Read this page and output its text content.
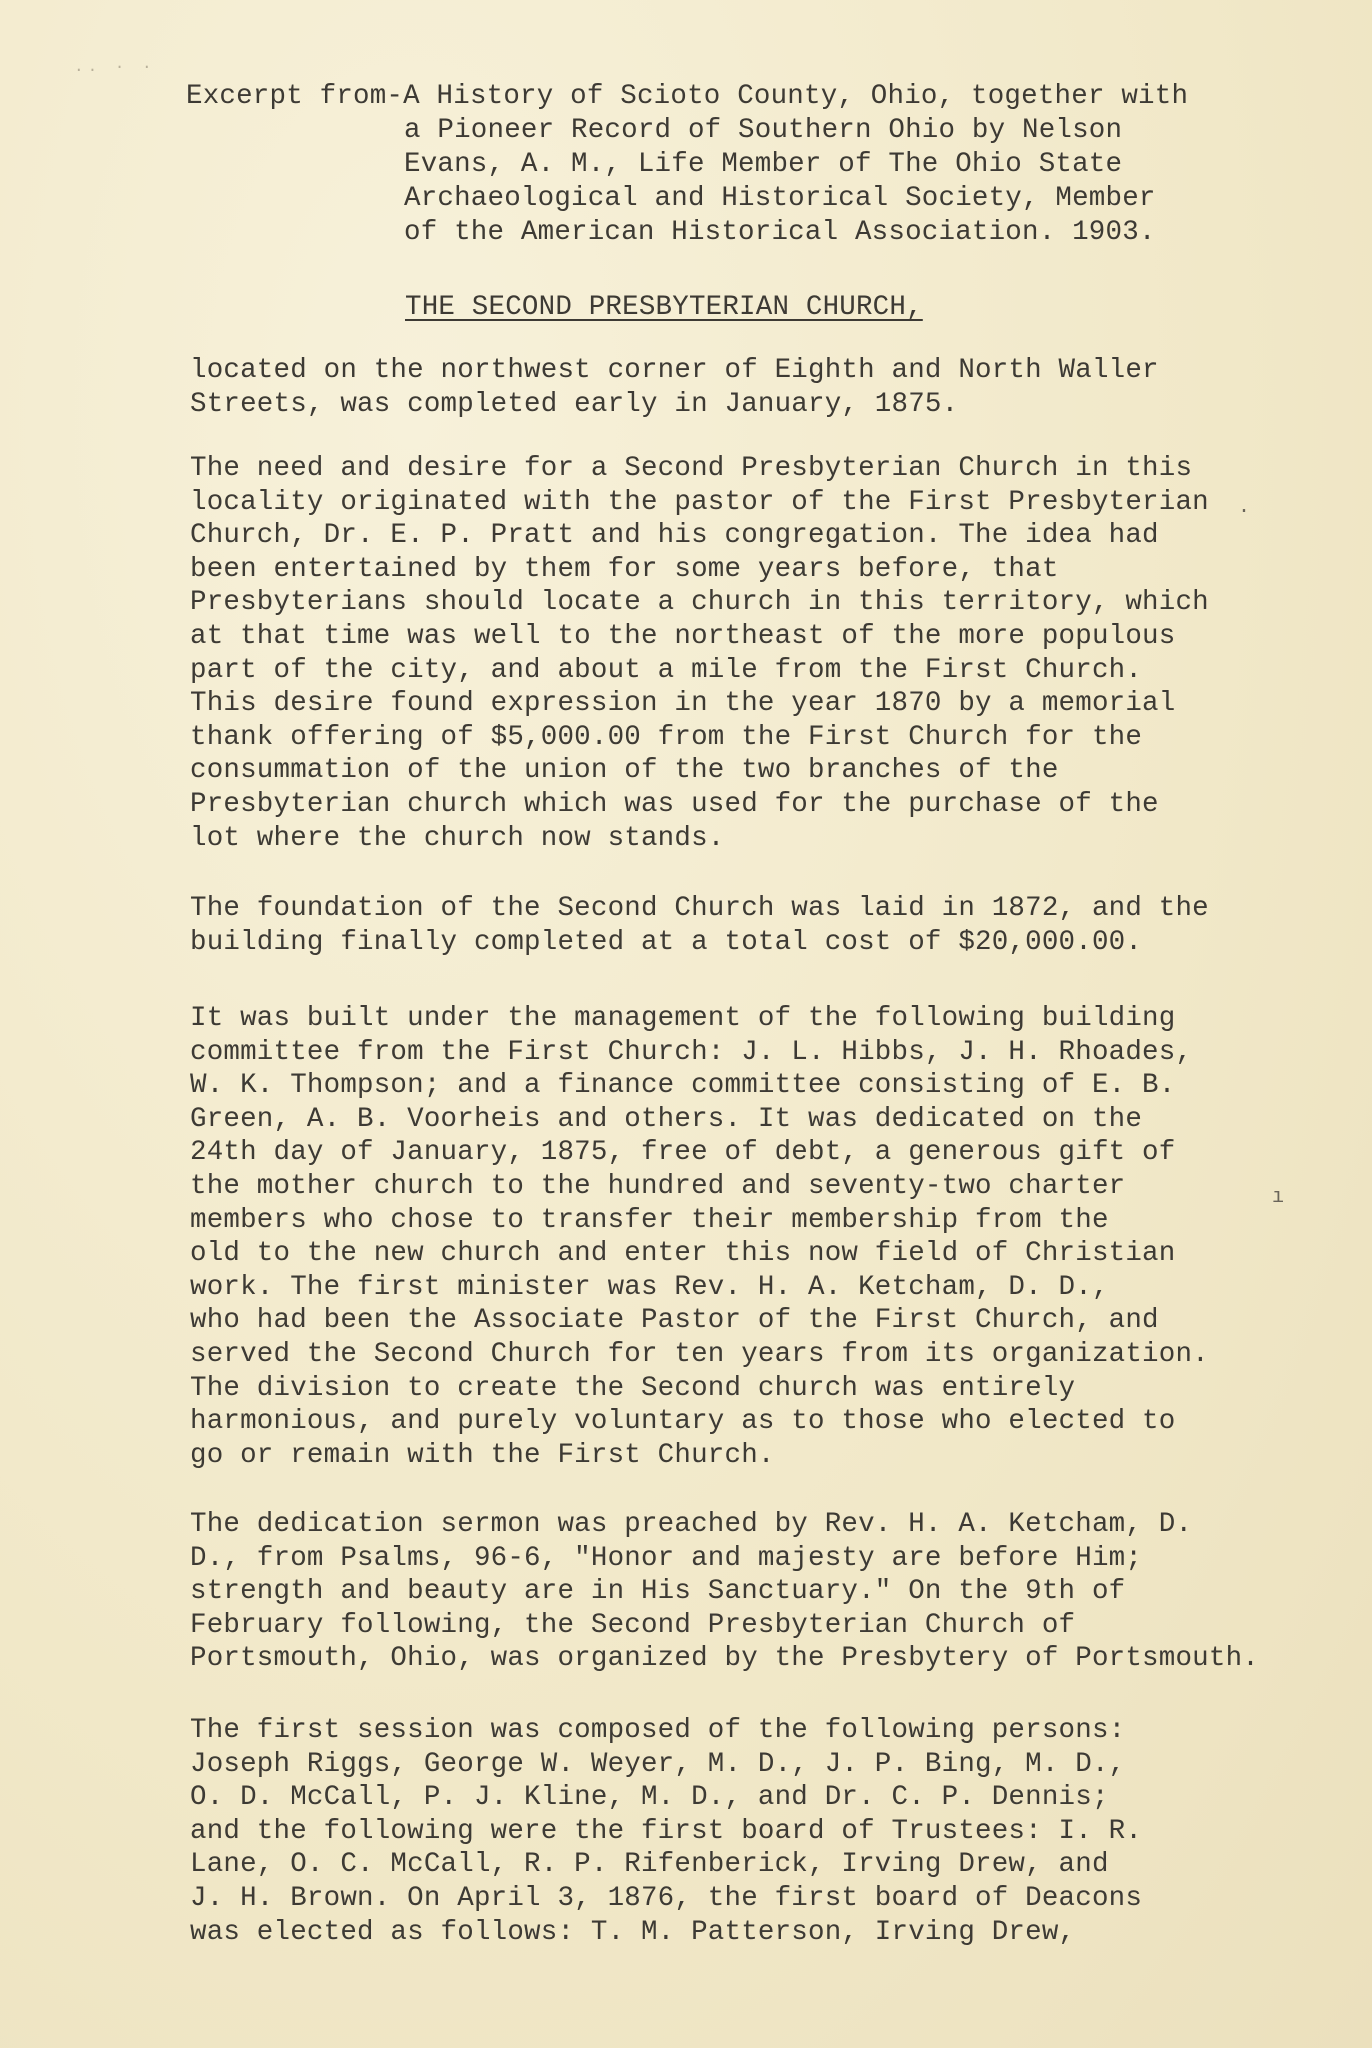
.. · ·
Excerpt from-A History of Scioto County, Ohio, together with
a Pioneer Record of Southern Ohio by Nelson
Evans, A. M., Life Member of The Ohio State
Archaeological and Historical Society, Member
of the American Historical Association. 1903.
THE SECOND PRESBYTERIAN CHURCH,
located on the northwest corner of Eighth and North Waller
Streets, was completed early in January, 1875.
The need and desire for a Second Presbyterian Church in this
locality originated with the pastor of the First Presbyterian
Church, Dr. E. P. Pratt and his congregation. The idea had
been entertained by them for some years before, that
Presbyterians should locate a church in this territory, which
at that time was well to the northeast of the more populous
part of the city, and about a mile from the First Church.
This desire found expression in the year 1870 by a memorial
thank offering of $5,000.00 from the First Church for the
consummation of the union of the two branches of the
Presbyterian church which was used for the purchase of the
lot where the church now stands.
The foundation of the Second Church was laid in 1872, and the
building finally completed at a total cost of $20,000.00.
It was built under the management of the following building
committee from the First Church: J. L. Hibbs, J. H. Rhoades,
W. K. Thompson; and a finance committee consisting of E. B.
Green, A. B. Voorheis and others. It was dedicated on the
24th day of January, 1875, free of debt, a generous gift of
the mother church to the hundred and seventy-two charter
members who chose to transfer their membership from the
old to the new church and enter this now field of Christian
work. The first minister was Rev. H. A. Ketcham, D. D.,
who had been the Associate Pastor of the First Church, and
served the Second Church for ten years from its organization.
The division to create the Second church was entirely
harmonious, and purely voluntary as to those who elected to
go or remain with the First Church.
The dedication sermon was preached by Rev. H. A. Ketcham, D.
D., from Psalms, 96-6, "Honor and majesty are before Him;
strength and beauty are in His Sanctuary." On the 9th of
February following, the Second Presbyterian Church of
Portsmouth, Ohio, was organized by the Presbytery of Portsmouth.
The first session was composed of the following persons:
Joseph Riggs, George W. Weyer, M. D., J. P. Bing, M. D.,
O. D. McCall, P. J. Kline, M. D., and Dr. C. P. Dennis;
and the following were the first board of Trustees: I. R.
Lane, O. C. McCall, R. P. Rifenberick, Irving Drew, and
J. H. Brown. On April 3, 1876, the first board of Deacons
was elected as follows: T. M. Patterson, Irving Drew,
·
ı
